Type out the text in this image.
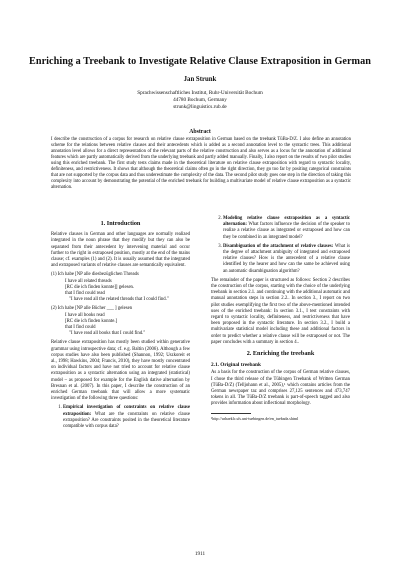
Enriching a Treebank to Investigate Relative Clause Extraposition in German
Jan Strunk
Sprachwissenschaftliches Institut, Ruhr-Universität Bochum
44780 Bochum, Germany
strunk@linguistics.rub.de
Abstract
I describe the construction of a corpus for research on relative clause extraposition in German based on the treebank TüBa-D/Z. I also define an annotation scheme for the relations between relative clauses and their antecedents which is added as a second annotation level to the syntactic trees. This additional annotation level allows for a direct representation of the relevant parts of the relative construction and also serves as a locus for the annotation of additional features which are partly automatically derived from the underlying treebank and partly added manually. Finally, I also report on the results of two pilot studies using this enriched treebank. The first study tests claims made in the theoretical literature on relative clause extraposition with regard to syntactic locality, definiteness, and restrictiveness. It shows that although the theoretical claims often go in the right direction, they go too far by positing categorical constraints that are not supported by the corpus data and thus underestimate the complexity of the data. The second pilot study goes one step in the direction of taking this complexity into account by demonstrating the potential of the enriched treebank for building a multivariate model of relative clause extraposition as a syntactic alternation.
1. Introduction

Relative clauses in German and other languages are normally realized integrated in the noun phrase that they modify but they can also be separated from their antecedent by intervening material and occur further to the right in extraposed position, mostly at the end of the mains clause; cf. examples (1) and (2). It is usually assumed that the integrated and extraposed variants of relative clauses are semantically equivalent.

(1) Ich habe [NP alle diesbezüglichen Threads
I have all related threads
[RC die ich finden konnte]] gelesen.
that I find could read
"I have read all the related threads that I could find."
(2) Ich habe [NP alle Bücher ___ ] gelesen
I have all books read
[RC die ich finden konnte.]
that I find could
"I have read all books that I could find."

Relative clause extraposition has mostly been studied within generative grammar using introspective data; cf. e.g. Baltin (2006). Although a few corpus studies have also been published (Shannon, 1992; Uszkoreit et al., 1998; Hawkins, 2004; Francis, 2010), they have mostly concentrated on individual factors and have not tried to account for relative clause extraposition as a syntactic alternation using an integrated (statistical) model – as proposed for example for the English dative alternation by Bresnan et al. (2007). In this paper, I describe the construction of an enriched German treebank that will allow a more systematic investigation of the following three questions:

1. Empirical investigation of constraints on relative clause extraposition: What are the constraints on relative clause extraposition? Are constraints posited in the theoretical literature compatible with corpus data?
2. Modeling relative clause extraposition as a syntactic alternation: What factors influence the decision of the speaker to realize a relative clause as integrated or extraposed and how can they be combined in an integrated model?
3. Disambiguation of the attachment of relative clauses: What is the degree of attachment ambiguity of integrated and extraposed relative clauses? How is the antecedent of a relative clause identified by the hearer and how can the same be achieved using an automatic disambiguation algorithm?

The remainder of the paper is structured as follows: Section 2 describes the construction of the corpus, starting with the choice of the underlying treebank in section 2.1. and continuing with the additional automatic and manual annotation steps in section 2.2.. In section 3., I report on two pilot studies exemplifying the first two of the above-mentioned intended uses of the enriched treebank: In section 3.1., I test constraints with regard to syntactic locality, definiteness, and restrictiveness that have been proposed in the syntactic literature. In section 3.2., I build a multivariate statistical model including these and additional factors in order to predict whether a relative clause will be extraposed or not. The paper concludes with a summary in section 4..

2. Enriching the treebank
2.1. Original treebank

As a basis for the construction of the corpus of German relative clauses, I chose the third release of the Tübingen Treebank of Written German (TüBa-D/Z) (Telljohann et al., 2005),¹ which contains articles from the German newspaper taz and comprises 27,125 sentences and 473,747 tokens in all. The TüBa-D/Z treebank is part-of-speech tagged and also provides information about inflectional morphology.

¹http://urhaeklc.sfs.uni-tuebingen.de/en_tuebadz.shtml
1911
